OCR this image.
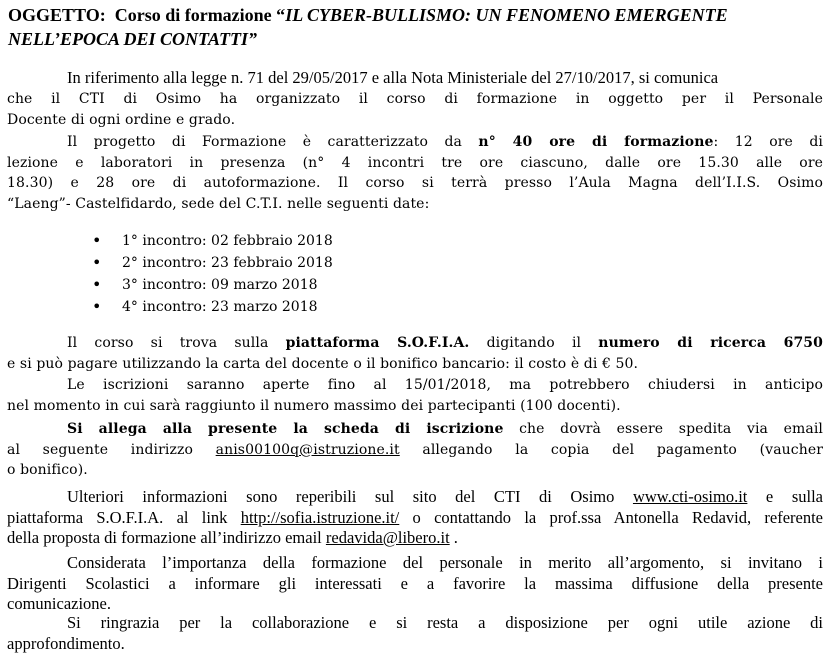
OGGETTO: Corso di formazione “IL CYBER-BULLISMO: UN FENOMENO EMERGENTE
NELL’EPOCA DEI CONTATTI”
In riferimento alla legge n. 71 del 29/05/2017 e alla Nota Ministeriale del 27/10/2017, si comunica
che il CTI di Osimo ha organizzato il corso di formazione in oggetto per il Personale
Docente di ogni ordine e grado.
Il progetto di Formazione è caratterizzato da n° 40 ore di formazione: 12 ore di
lezione e laboratori in presenza (n° 4 incontri tre ore ciascuno, dalle ore 15.30 alle ore
18.30) e 28 ore di autoformazione. Il corso si terrà presso l’Aula Magna dell’I.I.S. Osimo
“Laeng”- Castelfidardo, sede del C.T.I. nelle seguenti date:
• 1° incontro: 02 febbraio 2018
• 2° incontro: 23 febbraio 2018
• 3° incontro: 09 marzo 2018
• 4° incontro: 23 marzo 2018
Il corso si trova sulla piattaforma S.O.F.I.A. digitando il numero di ricerca 6750
e si può pagare utilizzando la carta del docente o il bonifico bancario: il costo è di € 50.
Le iscrizioni saranno aperte fino al 15/01/2018, ma potrebbero chiudersi in anticipo
nel momento in cui sarà raggiunto il numero massimo dei partecipanti (100 docenti).
Si allega alla presente la scheda di iscrizione che dovrà essere spedita via email
al seguente indirizzo anis00100q@istruzione.it allegando la copia del pagamento (vaucher
o bonifico).
Ulteriori informazioni sono reperibili sul sito del CTI di Osimo www.cti-osimo.it e sulla
piattaforma S.O.F.I.A. al link http://sofia.istruzione.it/ o contattando la prof.ssa Antonella Redavid, referente
della proposta di formazione all’indirizzo email redavida@libero.it .
Considerata l’importanza della formazione del personale in merito all’argomento, si invitano i
Dirigenti Scolastici a informare gli interessati e a favorire la massima diffusione della presente
comunicazione.
Si ringrazia per la collaborazione e si resta a disposizione per ogni utile azione di
approfondimento.
